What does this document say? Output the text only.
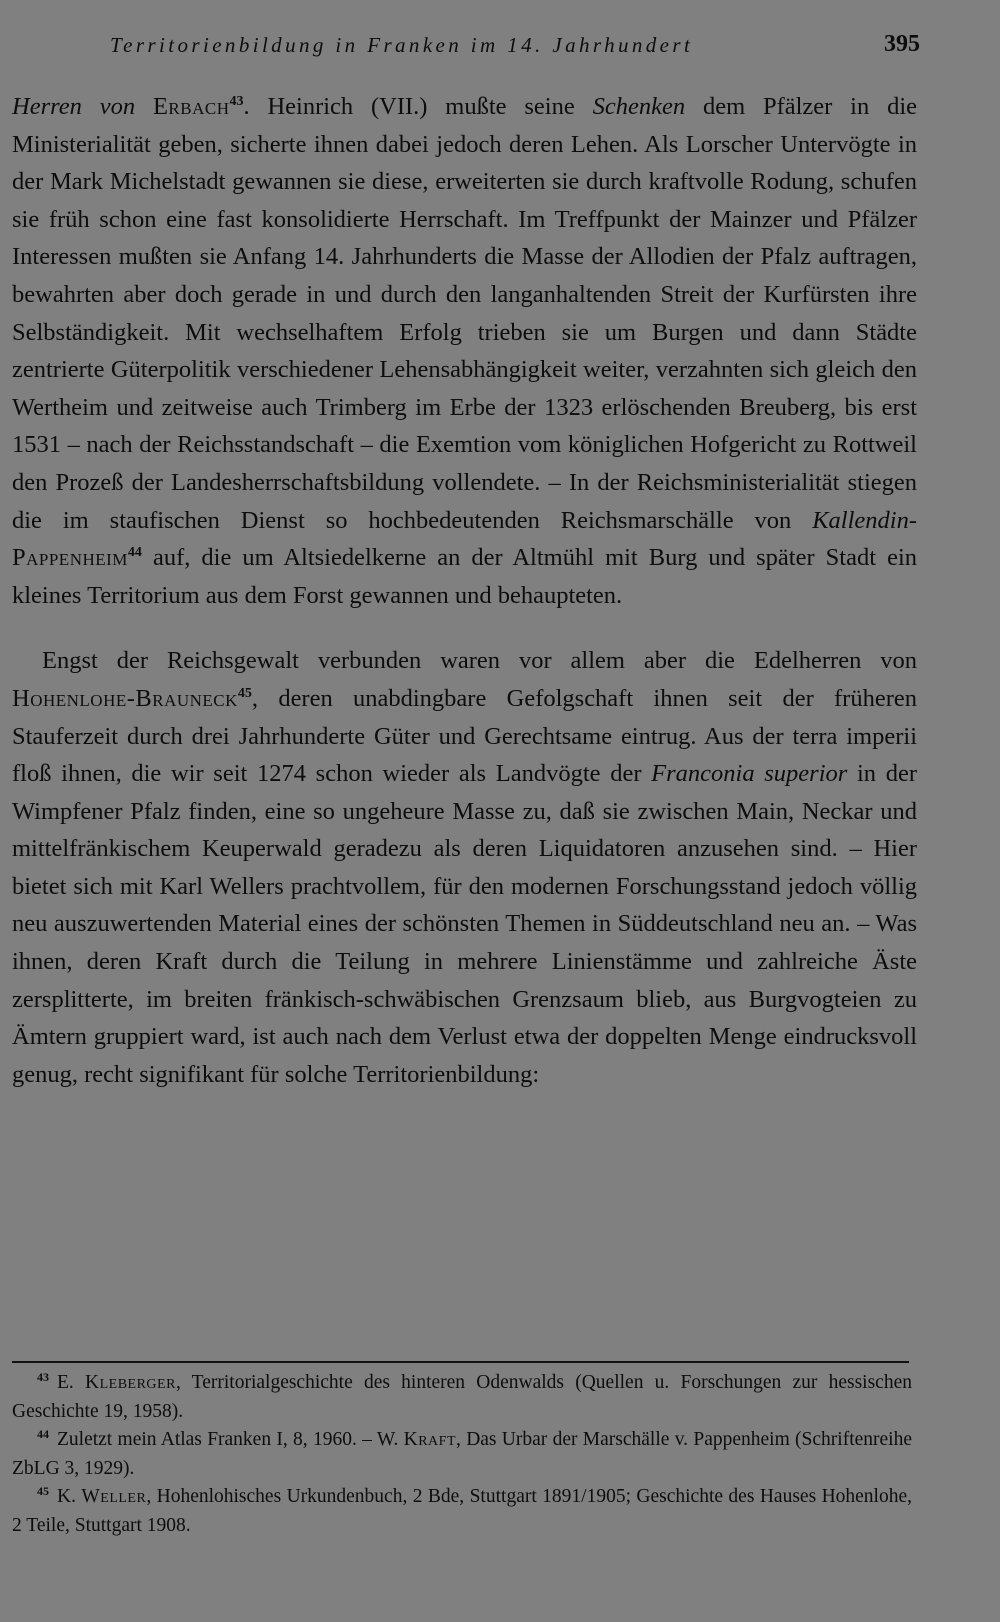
Territorienbildung in Franken im 14. Jahrhundert	395

Herren von Erbach$^{43}$. Heinrich (VII.) mußte seine Schenken dem Pfälzer in die Ministerialität geben, sicherte ihnen dabei jedoch deren Lehen. Als Lorscher Untervögte in der Mark Michelstadt gewannen sie diese, erweiterten sie durch kraftvolle Rodung, schufen sie früh schon eine fast konsolidierte Herrschaft. Im Treffpunkt der Mainzer und Pfälzer Interessen mußten sie Anfang 14. Jahrhunderts die Masse der Allodien der Pfalz auftragen, bewahrten aber doch gerade in und durch den langanhaltenden Streit der Kurfürsten ihre Selbständigkeit. Mit wechselhaftem Erfolg trieben sie um Burgen und dann Städte zentrierte Güterpolitik verschiedener Lehensabhängigkeit weiter, verzahnten sich gleich den Wertheim und zeitweise auch Trimberg im Erbe der 1323 erlöschenden Breuberg, bis erst 1531 – nach der Reichsstandschaft – die Exemtion vom königlichen Hofgericht zu Rottweil den Prozeß der Landesherrschaftsbildung vollendete. – In der Reichsministerialität stiegen die im staufischen Dienst so hochbedeutenden Reichsmarschälle von Kallendin-Pappenheim$^{44}$ auf, die um Altsiedelkerne an der Altmühl mit Burg und später Stadt ein kleines Territorium aus dem Forst gewannen und behaupteten.

Engst der Reichsgewalt verbunden waren vor allem aber die Edelherren von Hohenlohe-Brauneck$^{45}$, deren unabdingbare Gefolgschaft ihnen seit der früheren Stauferzeit durch drei Jahrhunderte Güter und Gerechtsame eintrug. Aus der terra imperii floß ihnen, die wir seit 1274 schon wieder als Landvögte der Franconia superior in der Wimpfener Pfalz finden, eine so ungeheure Masse zu, daß sie zwischen Main, Neckar und mittelfränkischem Keuperwald geradezu als deren Liquidatoren anzusehen sind. – Hier bietet sich mit Karl Wellers prachtvollem, für den modernen Forschungsstand jedoch völlig neu auszuwertenden Material eines der schönsten Themen in Süddeutschland neu an. – Was ihnen, deren Kraft durch die Teilung in mehrere Linienstämme und zahlreiche Äste zersplitterte, im breiten fränkisch-schwäbischen Grenzsaum blieb, aus Burgvogteien zu Ämtern gruppiert ward, ist auch nach dem Verlust etwa der doppelten Menge eindrucksvoll genug, recht signifikant für solche Territorienbildung:

$^{43}$ E. Kleberger, Territorialgeschichte des hinteren Odenwalds (Quellen u. Forschungen zur hessischen Geschichte 19, 1958).

$^{44}$ Zuletzt mein Atlas Franken I, 8, 1960. – W. Kraft, Das Urbar der Marschälle v. Pappenheim (Schriftenreihe ZbLG 3, 1929).

$^{45}$ K. Weller, Hohenlohisches Urkundenbuch, 2 Bde, Stuttgart 1891/1905; Geschichte des Hauses Hohenlohe, 2 Teile, Stuttgart 1908.
